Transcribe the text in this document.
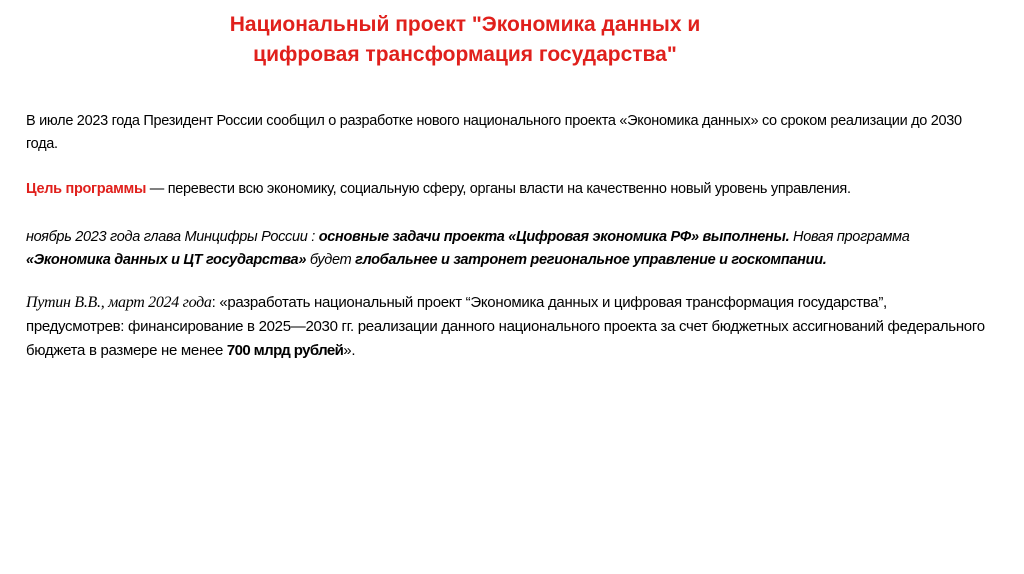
Национальный проект "Экономика данных и
цифровая трансформация государства"
В июле 2023 года Президент России сообщил о разработке нового национального проекта «Экономика данных» со сроком реализации до 2030 года.
Цель программы — перевести всю экономику, социальную сферу, органы власти на качественно новый уровень управления.
ноябрь 2023 года глава Минцифры России : основные задачи проекта «Цифровая экономика РФ» выполнены. Новая программа «Экономика данных и ЦТ государства» будет глобальнее и затронет региональное управление и госкомпании.
Путин В.В., март 2024 года: «разработать национальный проект “Экономика данных и цифровая трансформация государства”, предусмотрев: финансирование в 2025—2030 гг. реализации данного национального проекта за счет бюджетных ассигнований федерального бюджета в размере не менее 700 млрд рублей».
